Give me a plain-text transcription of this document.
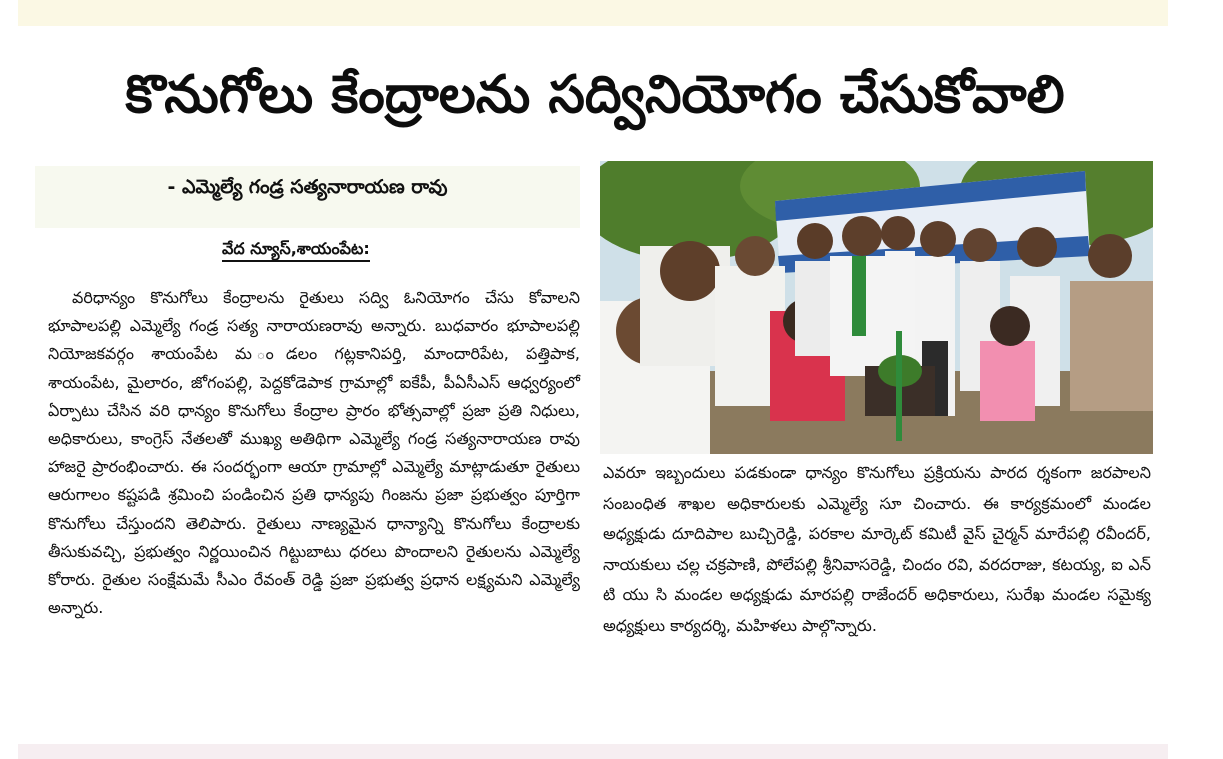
కొనుగోలు కేంద్రాలను సద్వినియోగం చేసుకోవాలి
- ఎమ్మెల్యే గండ్ర సత్యనారాయణ రావు
వేద న్యూస్,శాయంపేట:

వరిధాన్యం కొనుగోలు కేంద్రాలను రైతులు సద్వి ఓనియోగం చేసు కోవాలని భూపాలపల్లి ఎమ్మెల్యే గండ్ర సత్య నారాయణరావు అన్నారు. బుధవారం భూపాలపల్లి నియోజకవర్గం శాయంపేట మ ండలం గట్లకానిపర్తి, మాందారిపేట, పత్తిపాక, శాయంపేట, మైలారం, జోగంపల్లి, పెద్దకోడెపాక గ్రామాల్లో ఐకేపీ, పీఏసీఎస్ ఆధ్వర్యంలో ఏర్పాటు చేసిన వరి ధాన్యం కొనుగోలు కేంద్రాల ప్రారం భోత్సవాల్లో ప్రజా ప్రతి నిధులు, అధికారులు, కాంగ్రెస్ నేతలతో ముఖ్య అతిథిగా ఎమ్మెల్యే గండ్ర సత్యనారాయణ రావు హాజరై ప్రారంభించారు. ఈ సందర్భంగా ఆయా గ్రామాల్లో ఎమ్మెల్యే మాట్లాడుతూ రైతులు ఆరుగాలం కష్టపడి శ్రమించి పండించిన ప్రతి ధాన్యపు గింజను ప్రజా ప్రభుత్వం పూర్తిగా కొనుగోలు చేస్తుందని తెలిపారు. రైతులు నాణ్యమైన ధాన్యాన్ని కొనుగోలు కేంద్రాలకు తీసుకువచ్చి, ప్రభుత్వం నిర్ణయించిన గిట్టుబాటు ధరలు పొందాలని రైతులను ఎమ్మెల్యే కోరారు. రైతుల సంక్షేమమే సీఎం రేవంత్ రెడ్డి ప్రజా ప్రభుత్వ ప్రధాన లక్ష్యమని ఎమ్మెల్యే అన్నారు.

ఎవరూ ఇబ్బందులు పడకుండా ధాన్యం కొనుగోలు ప్రక్రియను పారద ర్శకంగా జరపాలని సంబంధిత శాఖల అధికారులకు ఎమ్మెల్యే సూ చించారు. ఈ కార్యక్రమంలో మండల అధ్యక్షుడు దూదిపాల బుచ్చిరెడ్డి, పరకాల మార్కెట్ కమిటీ వైస్ చైర్మన్ మారేపల్లి రవీందర్, నాయకులు చల్ల చక్రపాణి, పోలేపల్లి శ్రీనివాసరెడ్డి, చిందం రవి, వరదరాజు, కటయ్య, ఐ ఎన్ టి యు సి మండల అధ్యక్షుడు మారపల్లి రాజేందర్ అధికారులు, సురేఖ మండల సమైక్య అధ్యక్షులు కార్యదర్శి, మహిళలు పాల్గొన్నారు.
